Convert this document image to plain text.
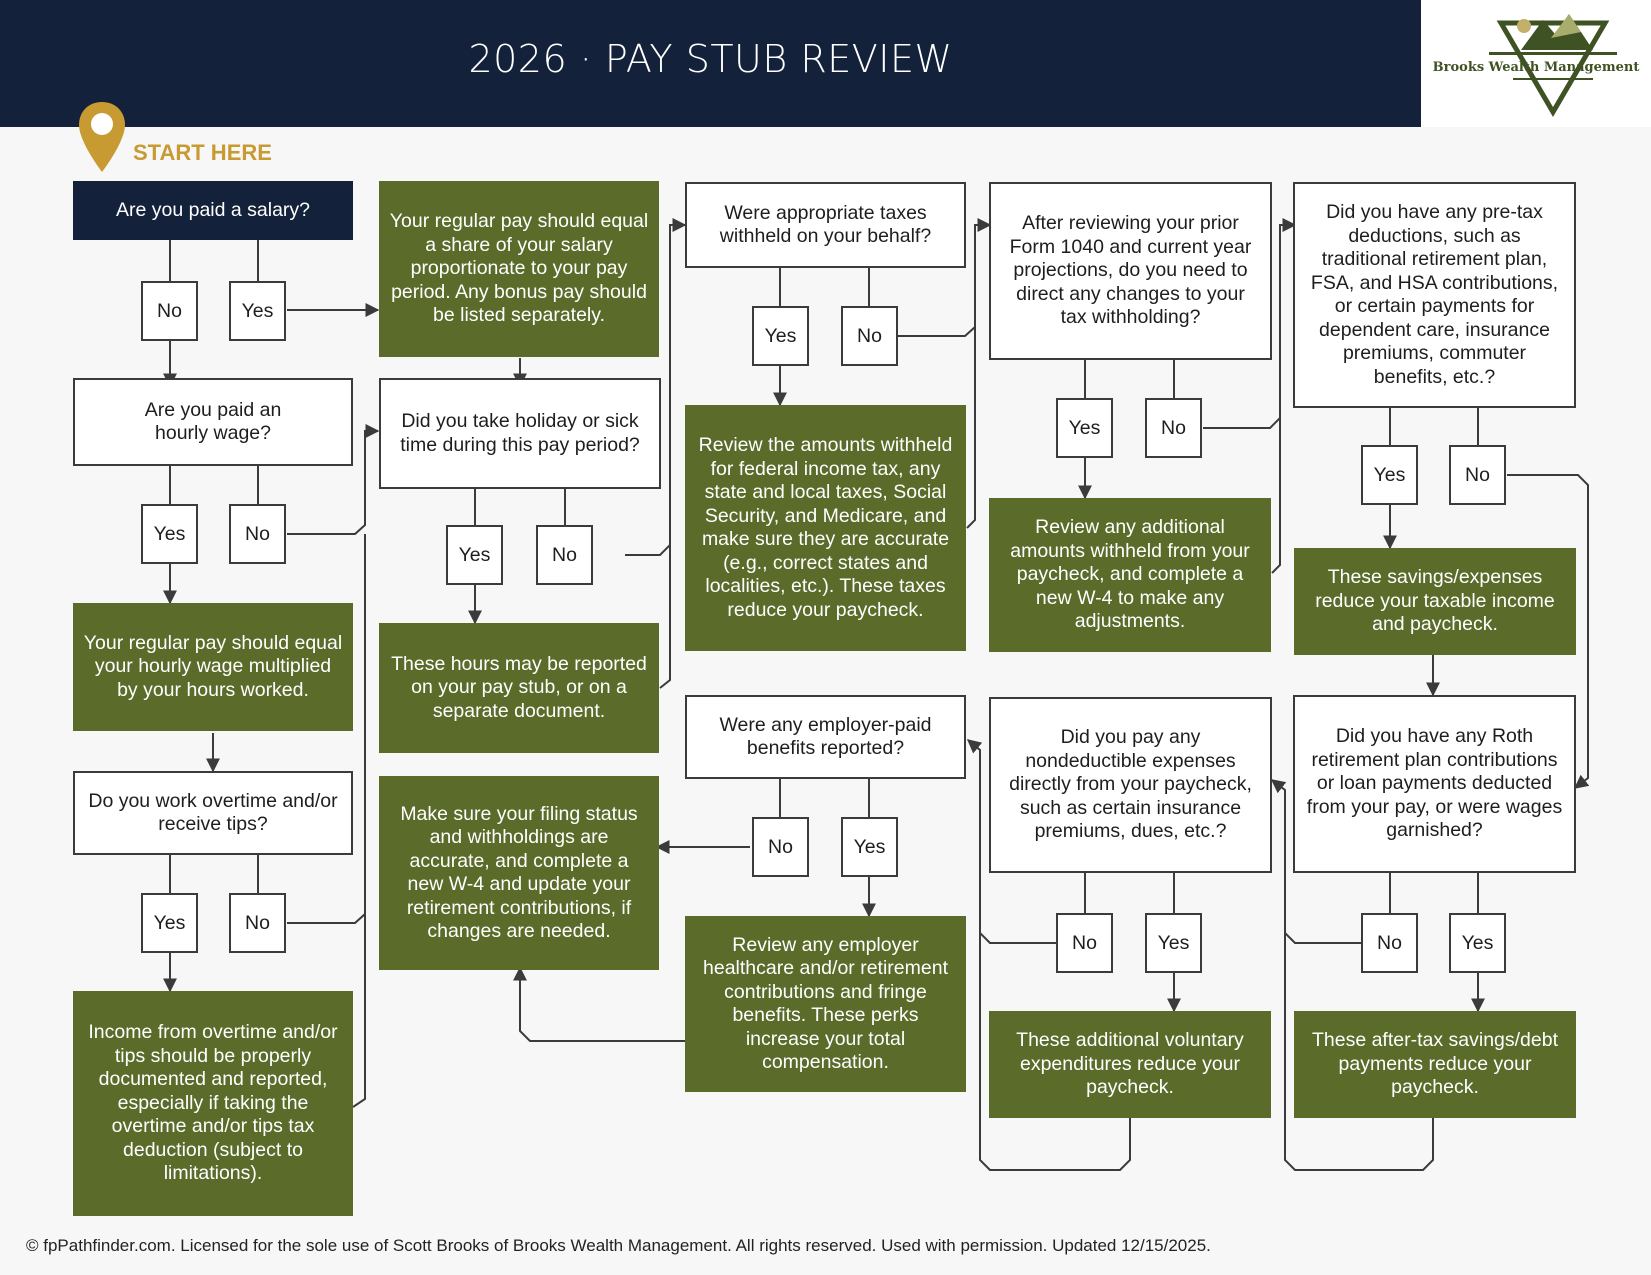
2026 · PAY STUB REVIEW	Brooks Wealth Management
START HERE
Are you paid a salary?
No	Yes
Are you paid an hourly wage?
Yes	No
Your regular pay should equal your hourly wage multiplied by your hours worked.
Do you work overtime and/or receive tips?
Yes	No
Income from overtime and/or tips should be properly documented and reported, especially if taking the overtime and/or tips tax deduction (subject to limitations).
Your regular pay should equal a share of your salary proportionate to your pay period. Any bonus pay should be listed separately.
Did you take holiday or sick time during this pay period?
Yes	No
These hours may be reported on your pay stub, or on a separate document.
Make sure your filing status and withholdings are accurate, and complete a new W-4 and update your retirement contributions, if changes are needed.
Were appropriate taxes withheld on your behalf?
Yes	No
Review the amounts withheld for federal income tax, any state and local taxes, Social Security, and Medicare, and make sure they are accurate (e.g., correct states and localities, etc.). These taxes reduce your paycheck.
Were any employer-paid benefits reported?
No	Yes
Review any employer healthcare and/or retirement contributions and fringe benefits. These perks increase your total compensation.
After reviewing your prior Form 1040 and current year projections, do you need to direct any changes to your tax withholding?
Yes	No
Review any additional amounts withheld from your paycheck, and complete a new W-4 to make any adjustments.
Did you pay any nondeductible expenses directly from your paycheck, such as certain insurance premiums, dues, etc.?
No	Yes
These additional voluntary expenditures reduce your paycheck.
Did you have any pre-tax deductions, such as traditional retirement plan, FSA, and HSA contributions, or certain payments for dependent care, insurance premiums, commuter benefits, etc.?
Yes	No
These savings/expenses reduce your taxable income and paycheck.
Did you have any Roth retirement plan contributions or loan payments deducted from your pay, or were wages garnished?
No	Yes
These after-tax savings/debt payments reduce your paycheck.
© fpPathfinder.com. Licensed for the sole use of Scott Brooks of Brooks Wealth Management. All rights reserved. Used with permission. Updated 12/15/2025.
